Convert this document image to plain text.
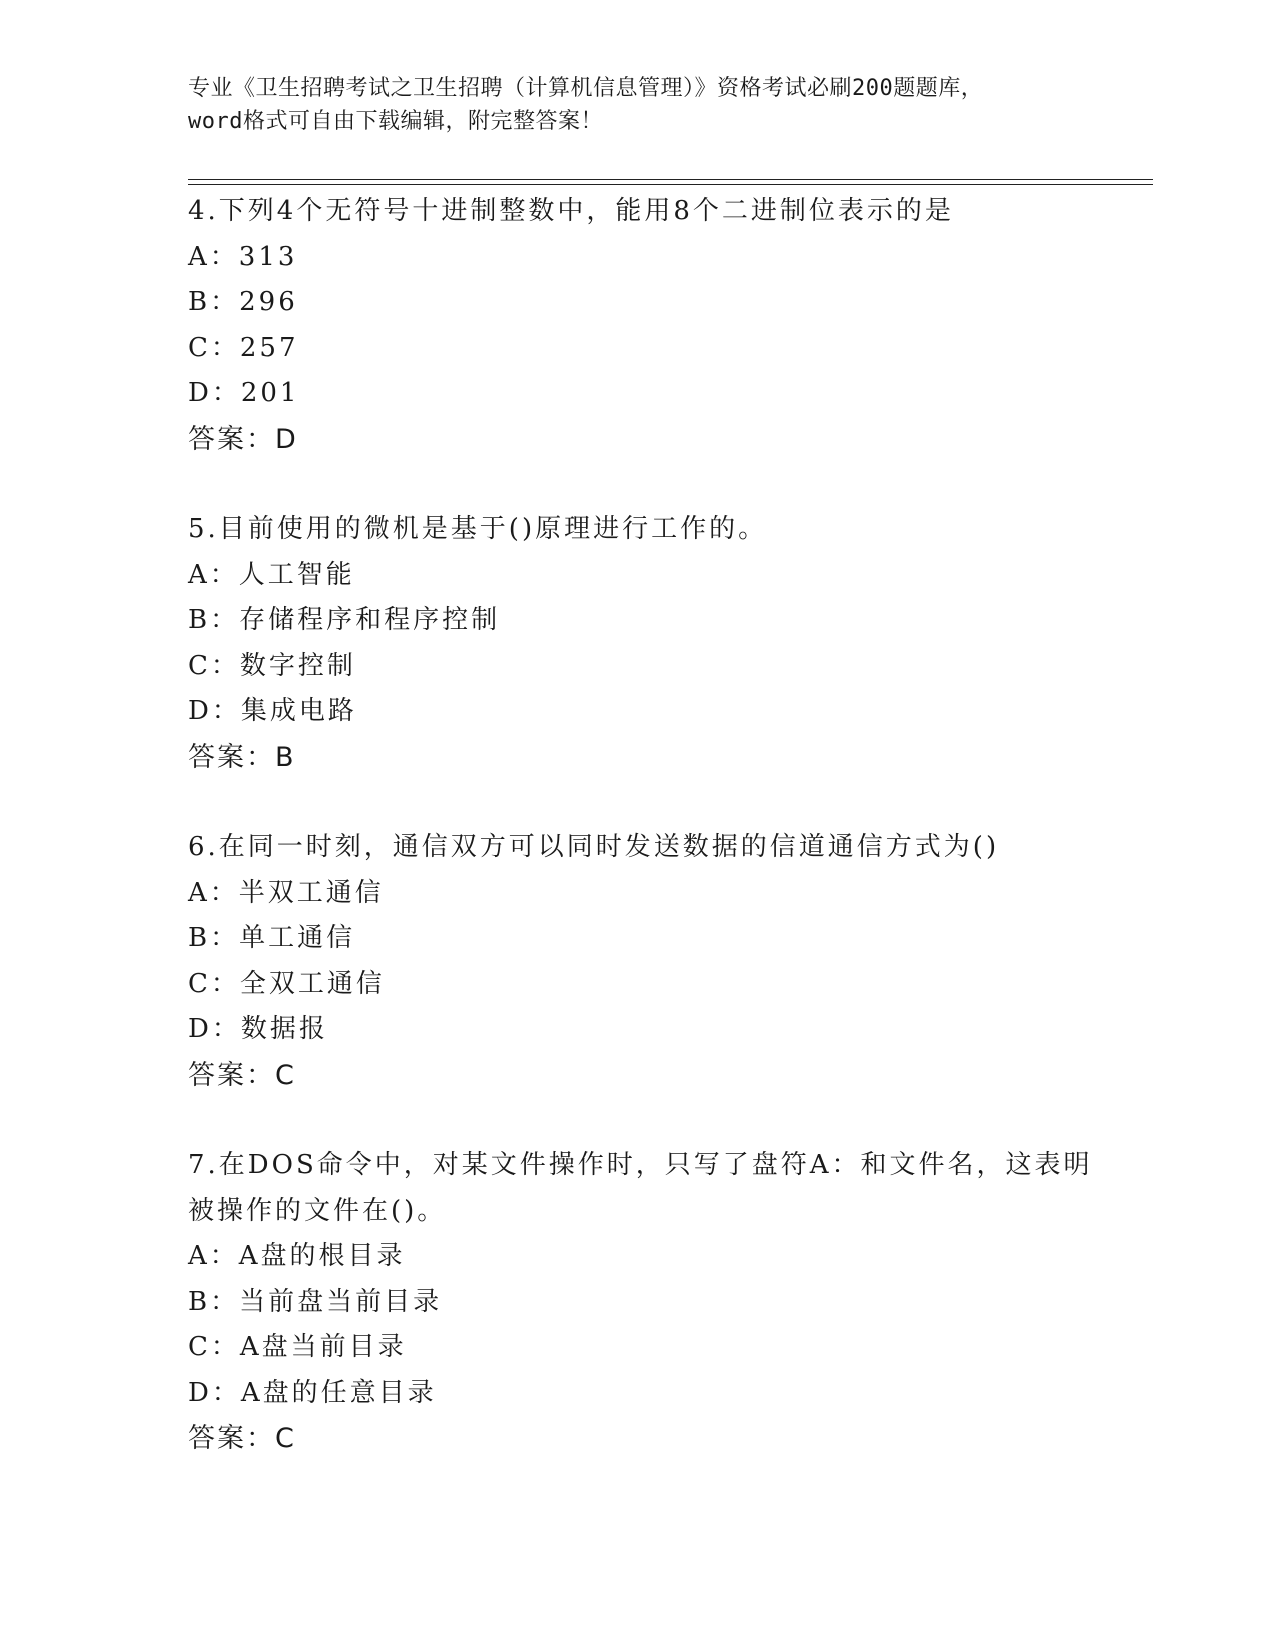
专业《卫生招聘考试之卫生招聘（计算机信息管理）》资格考试必刷200题题库，
word格式可自由下载编辑，附完整答案！
4.下列4个无符号十进制整数中，能用8个二进制位表示的是
A：313
B：296
C：257
D：201
答案：D
5.目前使用的微机是基于()原理进行工作的。
A：人工智能
B：存储程序和程序控制
C：数字控制
D：集成电路
答案：B
6.在同一时刻，通信双方可以同时发送数据的信道通信方式为()
A：半双工通信
B：单工通信
C：全双工通信
D：数据报
答案：C
7.在DOS命令中，对某文件操作时，只写了盘符A：和文件名，这表明
被操作的文件在()。
A：A盘的根目录
B：当前盘当前目录
C：A盘当前目录
D：A盘的任意目录
答案：C
